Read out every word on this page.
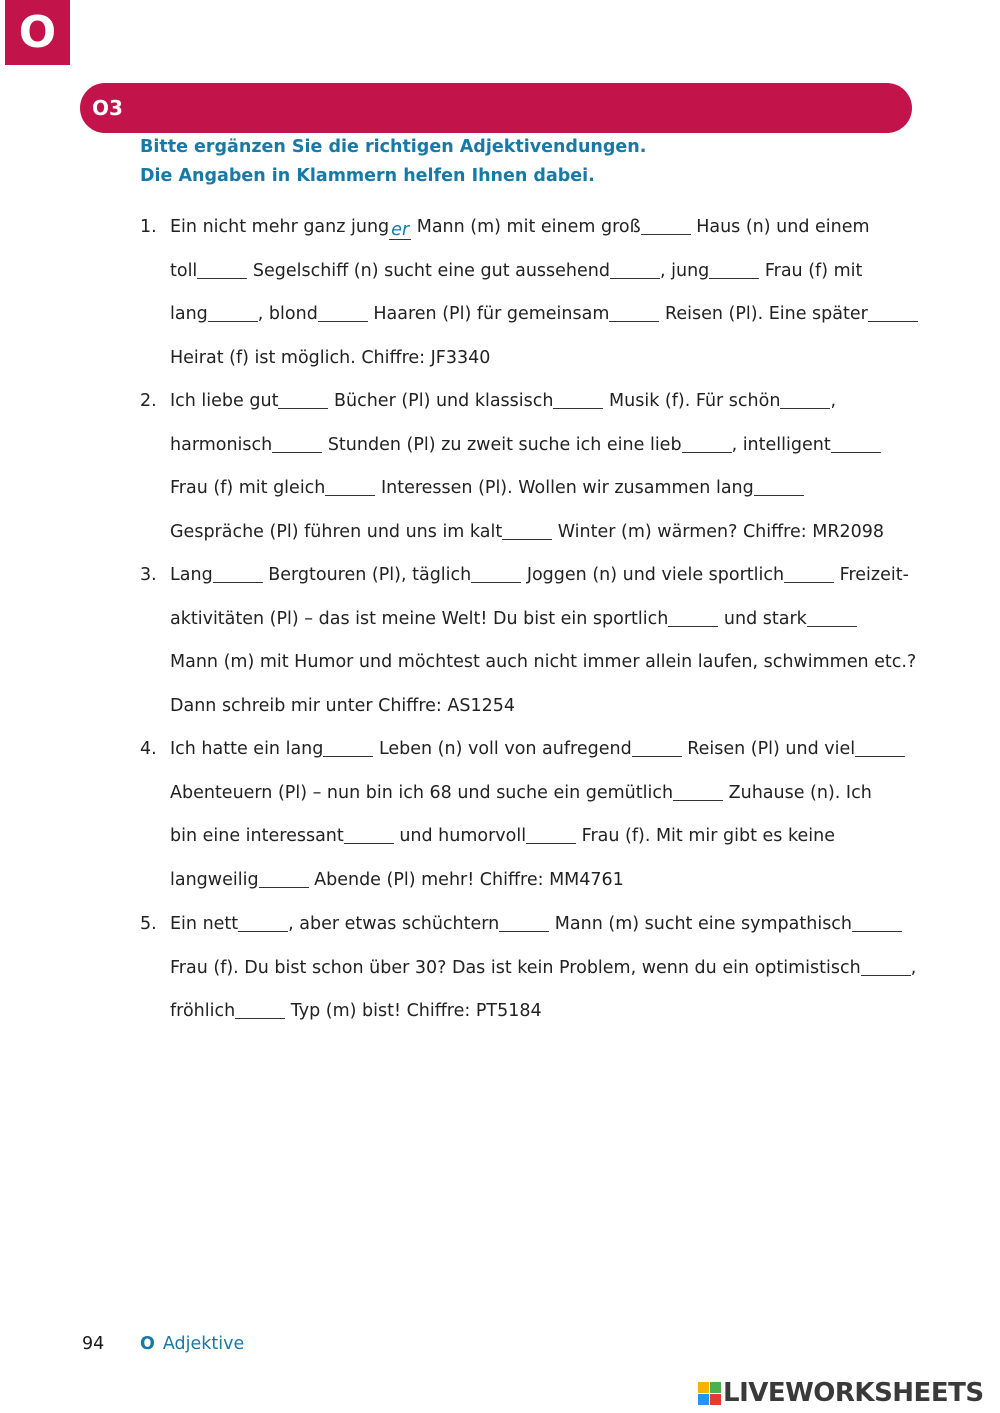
O
O3
Bitte ergänzen Sie die richtigen Adjektivendungen.
Die Angaben in Klammern helfen Ihnen dabei.
1. Ein nicht mehr ganz jung er Mann (m) mit einem groß	Haus (n) und einem
toll	Segelschiff (n) sucht eine gut aussehend	, jung	Frau (f) mit
lang	, blond	Haaren (Pl) für gemeinsam	Reisen (Pl). Eine später
Heirat (f) ist möglich. Chiffre: JF3340
2. Ich liebe gut	Bücher (Pl) und klassisch	Musik (f). Für schön	,
harmonisch	Stunden (Pl) zu zweit suche ich eine lieb	, intelligent
Frau (f) mit gleich	Interessen (Pl). Wollen wir zusammen lang
Gespräche (Pl) führen und uns im kalt	Winter (m) wärmen? Chiffre: MR2098
3. Lang	Bergtouren (Pl), täglich	Joggen (n) und viele sportlich	Freizeit-
aktivitäten (Pl) – das ist meine Welt! Du bist ein sportlich	und stark
Mann (m) mit Humor und möchtest auch nicht immer allein laufen, schwimmen etc.?
Dann schreib mir unter Chiffre: AS1254
4. Ich hatte ein lang	Leben (n) voll von aufregend	Reisen (Pl) und viel
Abenteuern (Pl) – nun bin ich 68 und suche ein gemütlich	Zuhause (n). Ich
bin eine interessant	und humorvoll	Frau (f). Mit mir gibt es keine
langweilig	Abende (Pl) mehr! Chiffre: MM4761
5. Ein nett	, aber etwas schüchtern	Mann (m) sucht eine sympathisch
Frau (f). Du bist schon über 30? Das ist kein Problem, wenn du ein optimistisch	,
fröhlich	Typ (m) bist! Chiffre: PT5184
94 O Adjektive
LIVEWORKSHEETS
